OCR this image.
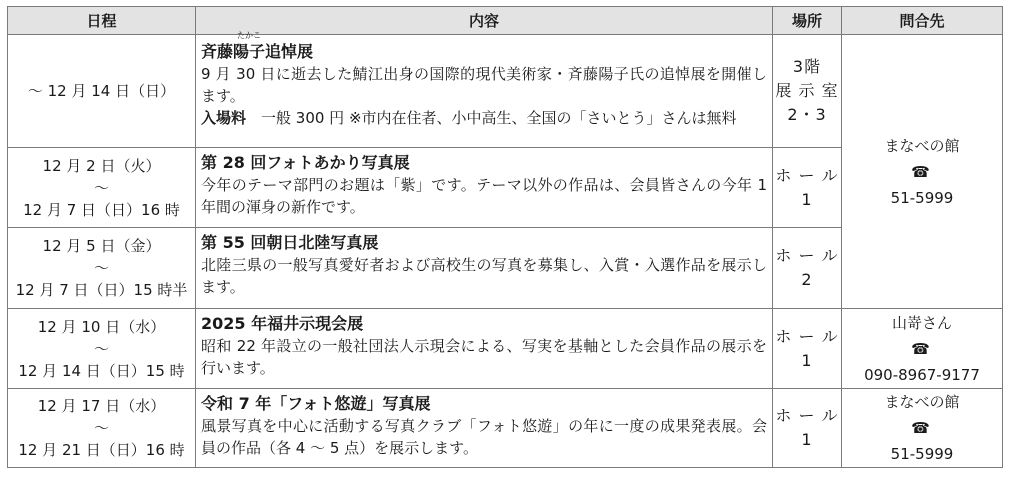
日程	内容	場所	問合先

～ 12 月 14 日（日）	斉藤
たかこ
陽子追悼展
9 月 30 日に逝去した鯖江出身の国際的現代美術家・斉藤陽子氏の追悼展を開催します。
入場料　一般 300 円 ※市内在住者、小中高生、全国の「さいとう」さんは無料	3階
展 示 室
2・3	まなべの館
☎
51-5999

12 月 2 日（火）
～
12 月 7 日（日）16 時	第 28 回フォトあかり写真展
今年のテーマ部門のお題は「紫」です。テーマ以外の作品は、会員皆さんの今年 1 年間の渾身の新作です。	ホ ー ル
1	

12 月 5 日（金）
～
12 月 7 日（日）15 時半	第 55 回朝日北陸写真展
北陸三県の一般写真愛好者および高校生の写真を募集し、入賞・入選作品を展示します。	ホ ー ル
2	

12 月 10 日（水）
～
12 月 14 日（日）15 時	2025 年福井示現会展
昭和 22 年設立の一般社団法人示現会による、写実を基軸とした会員作品の展示を行います。	ホ ー ル
1	山嵜さん
☎
090-8967-9177

12 月 17 日（水）
～
12 月 21 日（日）16 時	令和 7 年「フォト悠遊」写真展
風景写真を中心に活動する写真クラブ「フォト悠遊」の年に一度の成果発表展。会員の作品（各 4 ～ 5 点）を展示します。	ホ ー ル
1	まなべの館
☎
51-5999
